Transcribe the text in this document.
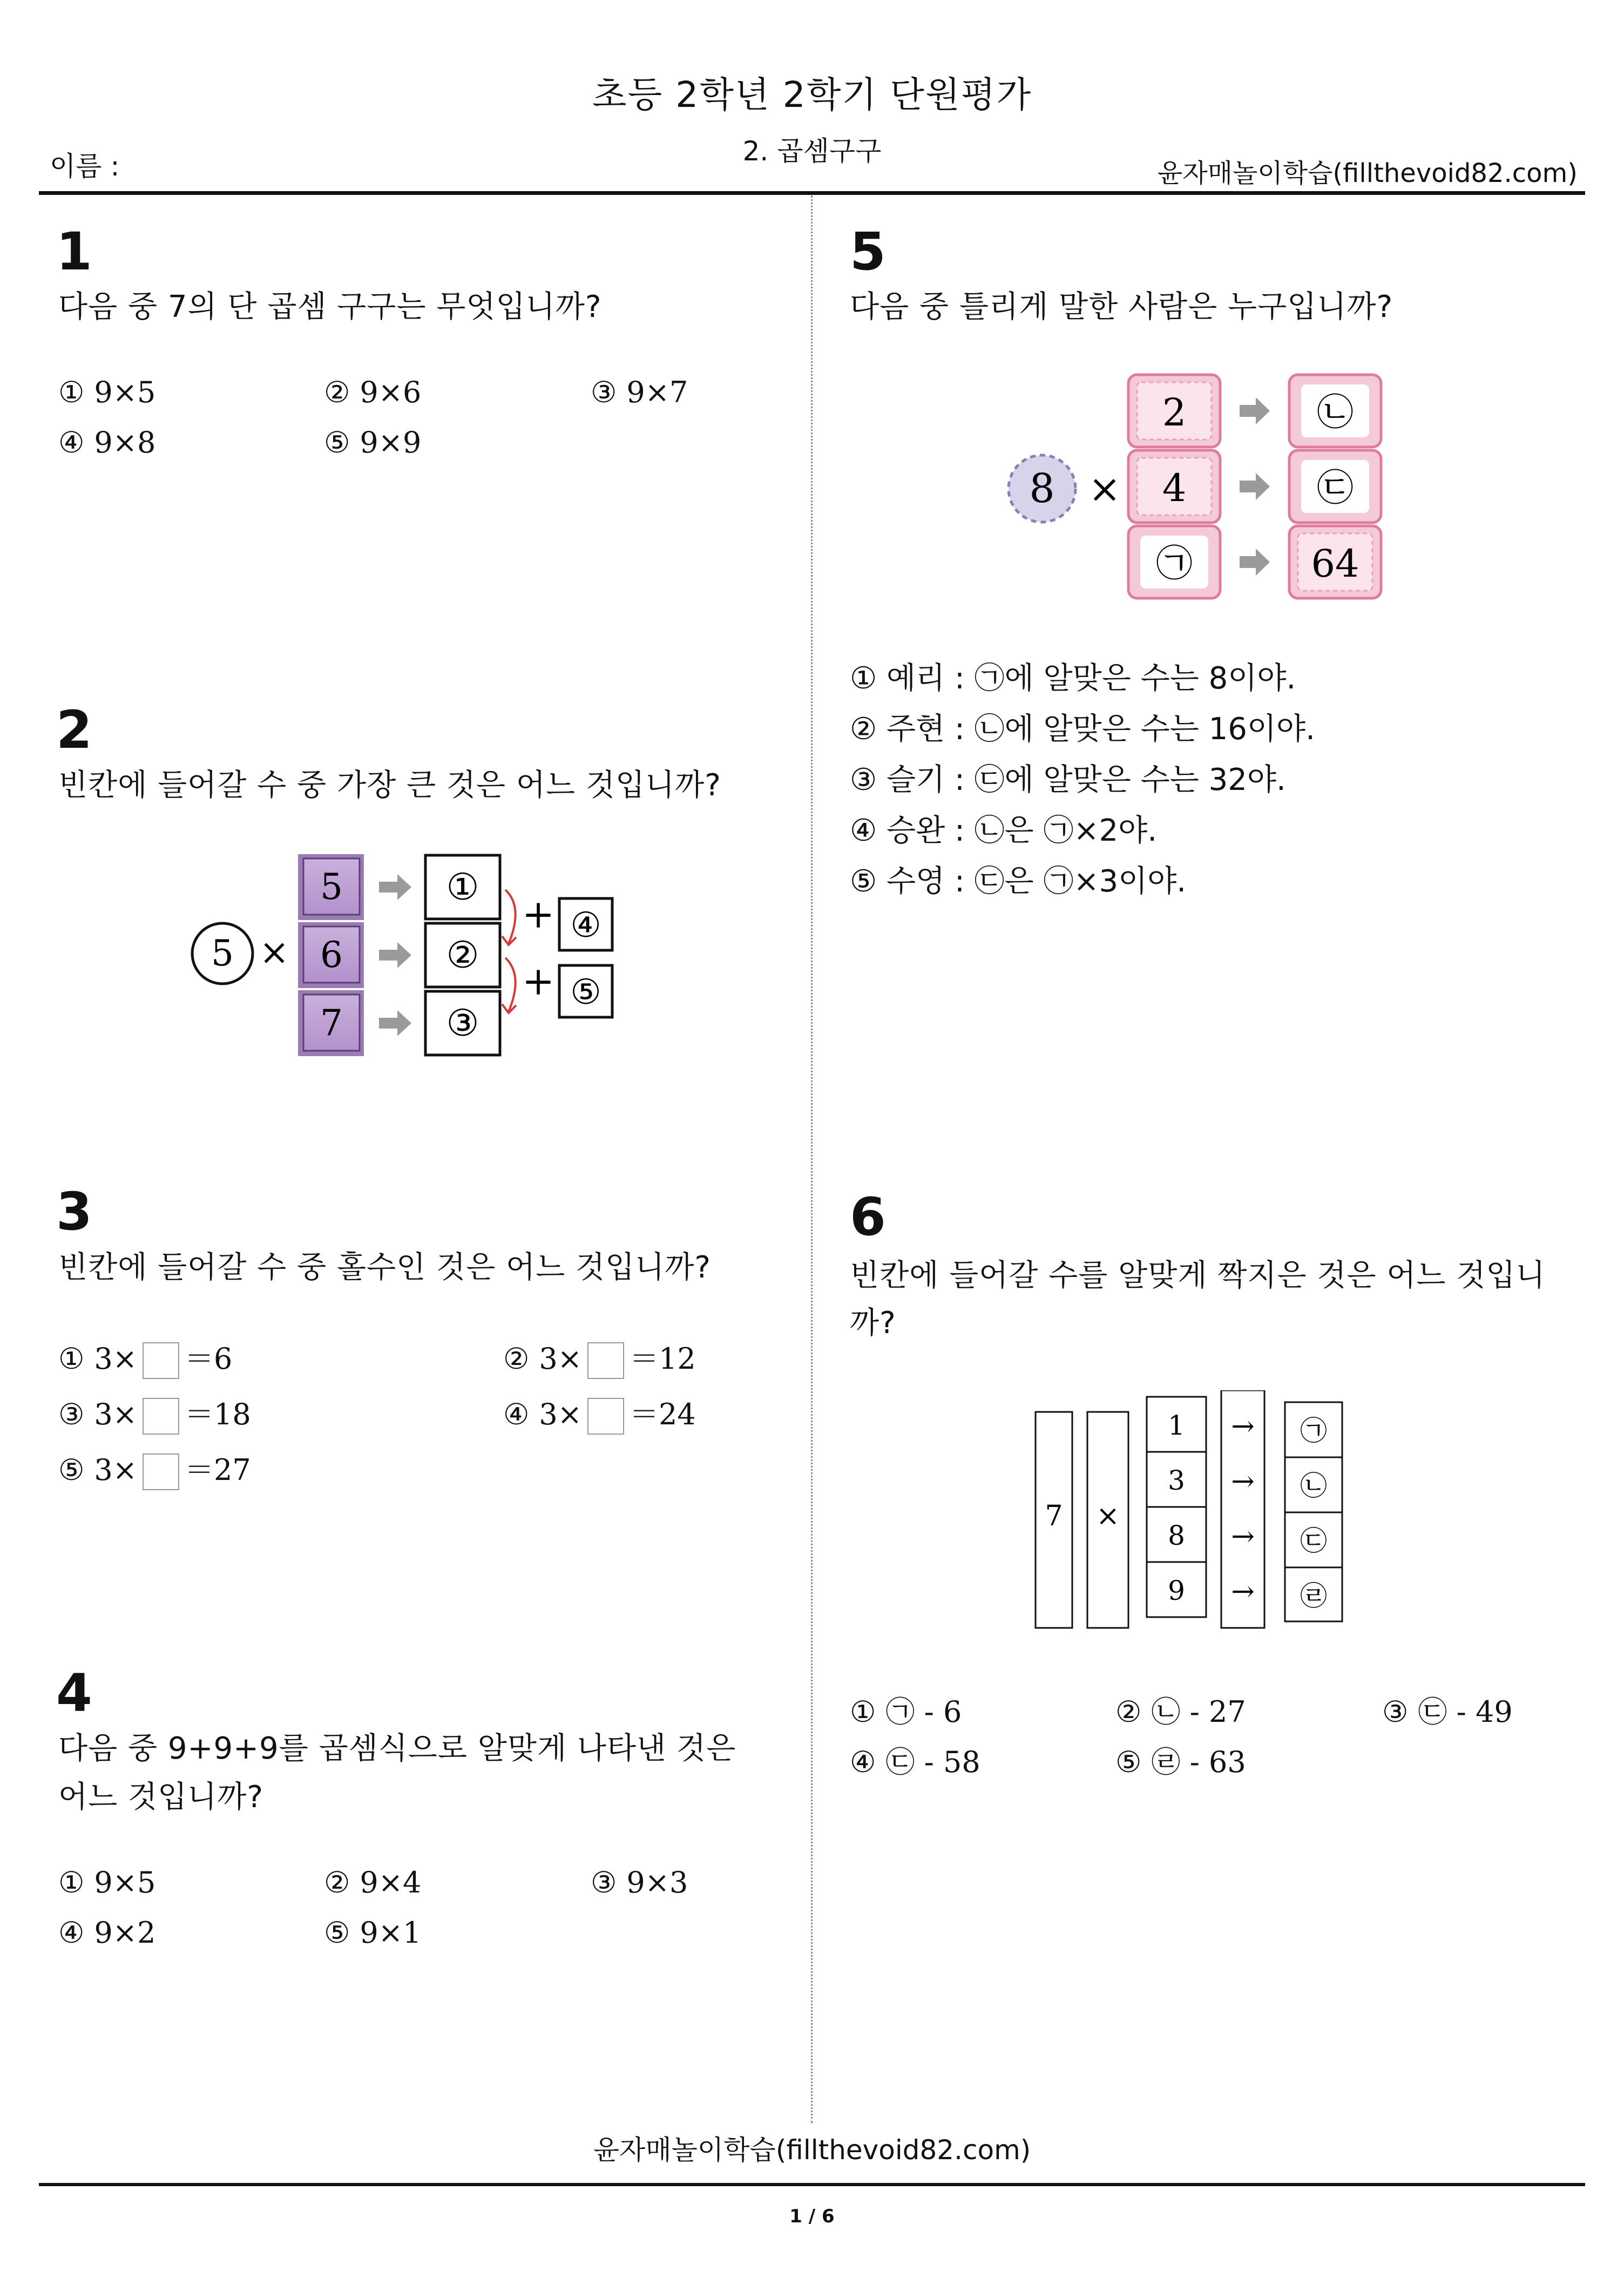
초등 2학년 2학기 단원평가
2. 곱셈구구
이름 :	윤자매놀이학습(fillthevoid82.com)
1
다음 중 7의 단 곱셈 구구는 무엇입니까?
① 9×5	② 9×6	③ 9×7
④ 9×8	⑤ 9×9
2
빈칸에 들어갈 수 중 가장 큰 것은 어느 것입니까?
5 ×
5
6
7
①
②
③
+ ④
+ ⑤
3
빈칸에 들어갈 수 중 홀수인 것은 어느 것입니까?
① 3× ＝6	② 3× ＝12
③ 3× ＝18	④ 3× ＝24
⑤ 3× ＝27
4
다음 중 9+9+9를 곱셈식으로 알맞게 나타낸 것은
어느 것입니까?
① 9×5	② 9×4	③ 9×3
④ 9×2	⑤ 9×1
5
다음 중 틀리게 말한 사람은 누구입니까?
8 ×
2
4
㉠
㉡
㉢
64
① 예리 : ㉠에 알맞은 수는 8이야.
② 주현 : ㉡에 알맞은 수는 16이야.
③ 슬기 : ㉢에 알맞은 수는 32야.
④ 승완 : ㉡은 ㉠×2야.
⑤ 수영 : ㉢은 ㉠×3이야.
6
빈칸에 들어갈 수를 알맞게 짝지은 것은 어느 것입니
까?
7 ×
1
3
8
9
→
→
→
→
㉠
㉡
㉢
㉣
① ㉠ - 6	② ㉡ - 27	③ ㉢ - 49
④ ㉢ - 58	⑤ ㉣ - 63
윤자매놀이학습(fillthevoid82.com)
1 / 6
